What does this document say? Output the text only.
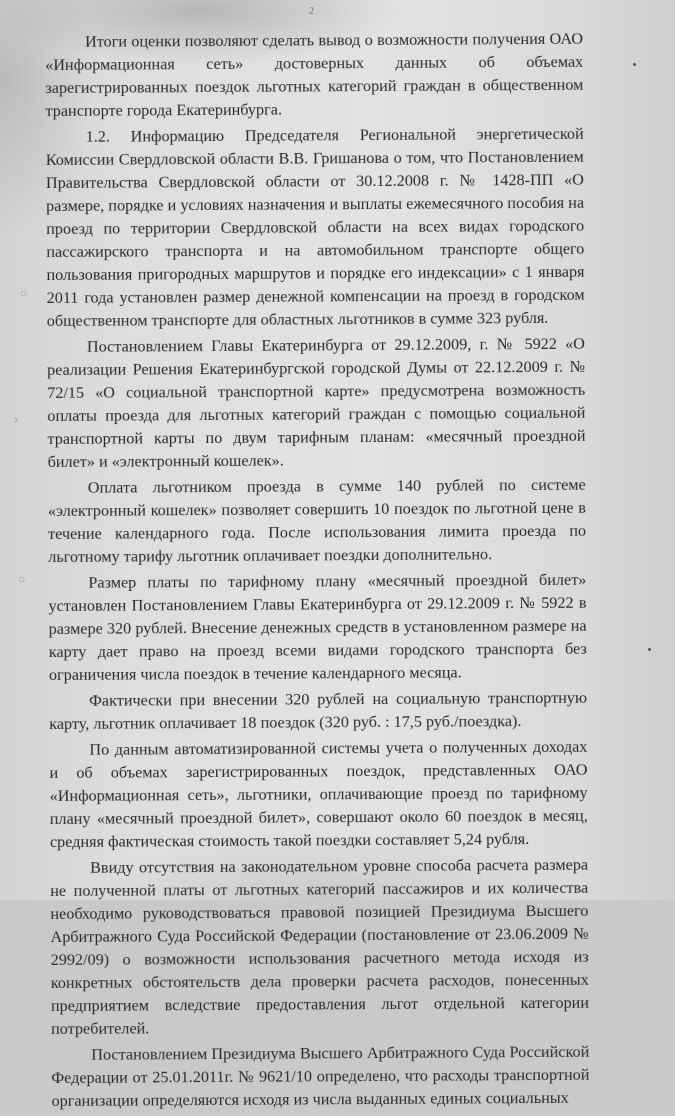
2

Итоги оценки позволяют сделать вывод о возможности получения ОАО «Информационная сеть» достоверных данных об объемах зарегистрированных поездок льготных категорий граждан в общественном транспорте города Екатеринбурга.

1.2. Информацию Председателя Региональной энергетической Комиссии Свердловской области В.В. Гришанова о том, что Постановлением Правительства Свердловской области от 30.12.2008 г. № 1428-ПП «О размере, порядке и условиях назначения и выплаты ежемесячного пособия на проезд по территории Свердловской области на всех видах городского пассажирского транспорта и на автомобильном транспорте общего пользования пригородных маршрутов и порядке его индексации» с 1 января 2011 года установлен размер денежной компенсации на проезд в городском общественном транспорте для областных льготников в сумме 323 рубля.

Постановлением Главы Екатеринбурга от 29.12.2009, г. № 5922 «О реализации Решения Екатеринбургской городской Думы от 22.12.2009 г. № 72/15 «О социальной транспортной карте» предусмотрена возможность оплаты проезда для льготных категорий граждан с помощью социальной транспортной карты по двум тарифным планам: «месячный проездной билет» и «электронный кошелек».

Оплата льготником проезда в сумме 140 рублей по системе «электронный кошелек» позволяет совершить 10 поездок по льготной цене в течение календарного года. После использования лимита проезда по льготному тарифу льготник оплачивает поездки дополнительно.

Размер платы по тарифному плану «месячный проездной билет» установлен Постановлением Главы Екатеринбурга от 29.12.2009 г. № 5922 в размере 320 рублей. Внесение денежных средств в установленном размере на карту дает право на проезд всеми видами городского транспорта без ограничения числа поездок в течение календарного месяца.

Фактически при внесении 320 рублей на социальную транспортную карту, льготник оплачивает 18 поездок (320 руб. : 17,5 руб./поездка).

По данным автоматизированной системы учета о полученных доходах и об объемах зарегистрированных поездок, представленных ОАО «Информационная сеть», льготники, оплачивающие проезд по тарифному плану «месячный проездной билет», совершают около 60 поездок в месяц, средняя фактическая стоимость такой поездки составляет 5,24 рубля.

Ввиду отсутствия на законодательном уровне способа расчета размера не полученной платы от льготных категорий пассажиров и их количества необходимо руководствоваться правовой позицией Президиума Высшего Арбитражного Суда Российской Федерации (постановление от 23.06.2009 № 2992/09) о возможности использования расчетного метода исходя из конкретных обстоятельств дела проверки расчета расходов, понесенных предприятием вследствие предоставления льгот отдельной категории потребителей.

Постановлением Президиума Высшего Арбитражного Суда Российской Федерации от 25.01.2011г. № 9621/10 определено, что расходы транспортной организации определяются исходя из числа выданных единых социальных

○
›
○
